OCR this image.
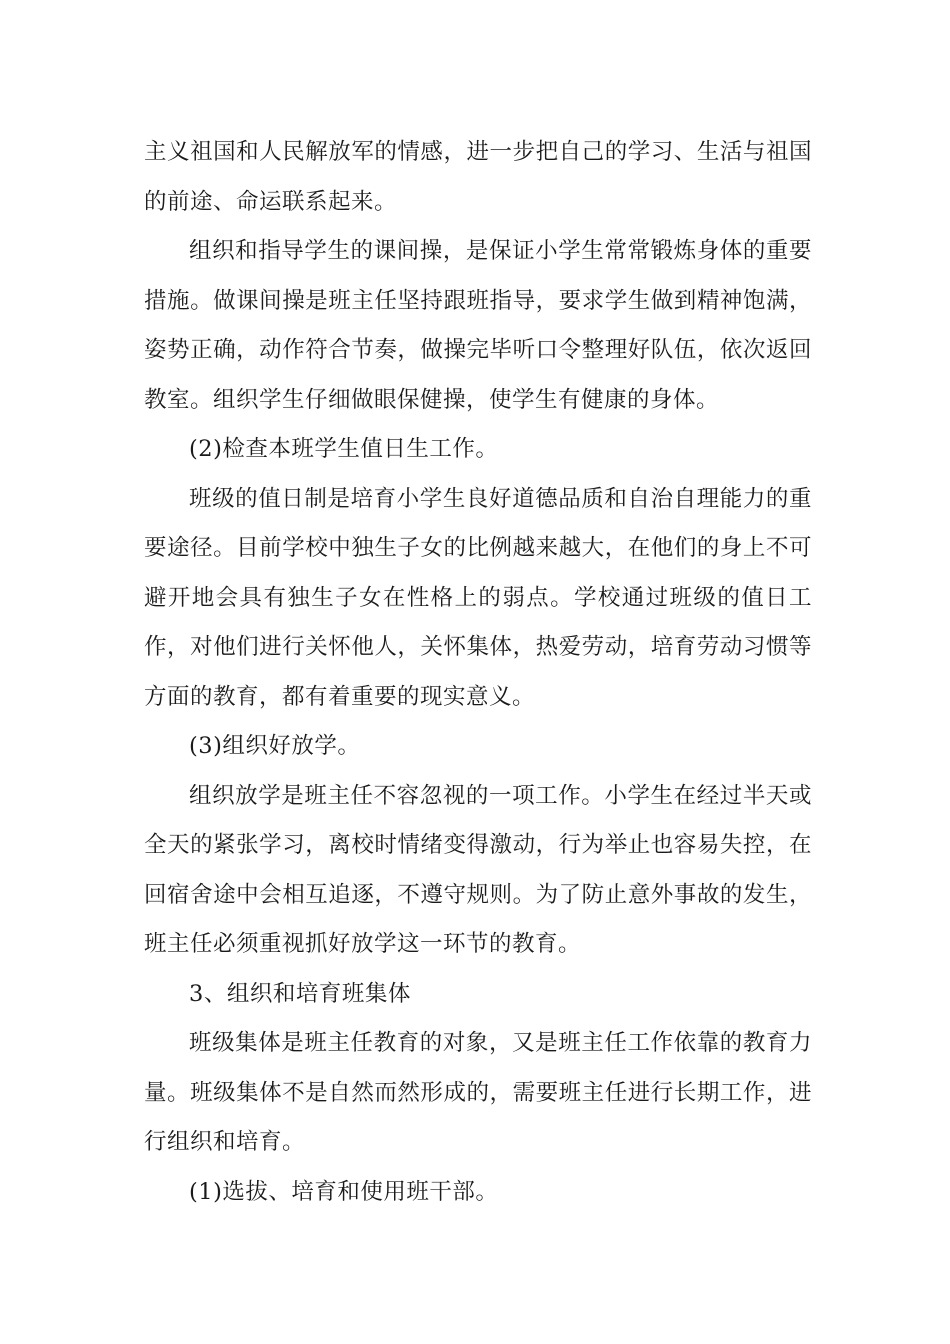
主义祖国和人民解放军的情感，进一步把自己的学习、生活与祖国的前途、命运联系起来。

组织和指导学生的课间操，是保证小学生常常锻炼身体的重要措施。做课间操是班主任坚持跟班指导，要求学生做到精神饱满，姿势正确，动作符合节奏，做操完毕听口令整理好队伍，依次返回教室。组织学生仔细做眼保健操，使学生有健康的身体。

(2)检查本班学生值日生工作。

班级的值日制是培育小学生良好道德品质和自治自理能力的重要途径。目前学校中独生子女的比例越来越大，在他们的身上不可避开地会具有独生子女在性格上的弱点。学校通过班级的值日工作，对他们进行关怀他人，关怀集体，热爱劳动，培育劳动习惯等方面的教育，都有着重要的现实意义。

(3)组织好放学。

组织放学是班主任不容忽视的一项工作。小学生在经过半天或全天的紧张学习，离校时情绪变得激动，行为举止也容易失控，在回宿舍途中会相互追逐，不遵守规则。为了防止意外事故的发生，班主任必须重视抓好放学这一环节的教育。

3、组织和培育班集体

班级集体是班主任教育的对象，又是班主任工作依靠的教育力量。班级集体不是自然而然形成的，需要班主任进行长期工作，进行组织和培育。

(1)选拔、培育和使用班干部。
